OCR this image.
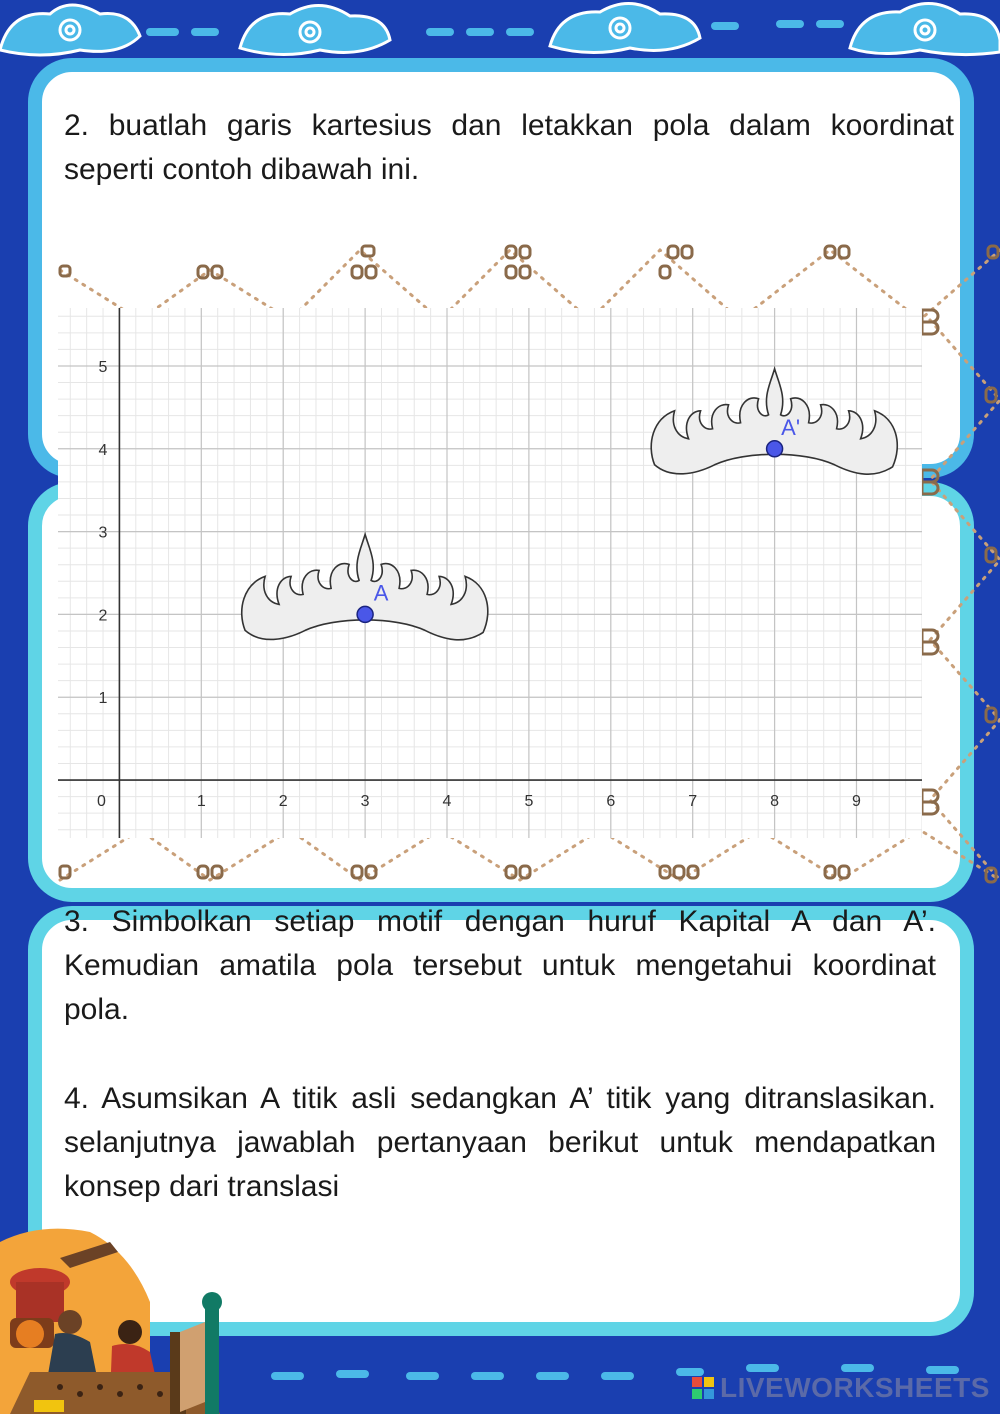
2. buatlah garis kartesius dan letakkan pola dalam koordinat seperti contoh dibawah ini.
0	1	2	3	4	5	6	7	8	9
1
2
3
4
5
A
A'
3. Simbolkan setiap motif dengan huruf Kapital A dan A’. Kemudian amatila pola tersebut untuk mengetahui koordinat pola.
4. Asumsikan A titik asli sedangkan A’ titik yang ditranslasikan. selanjutnya jawablah pertanyaan berikut untuk mendapatkan konsep dari translasi
LIVEWORKSHEETS
